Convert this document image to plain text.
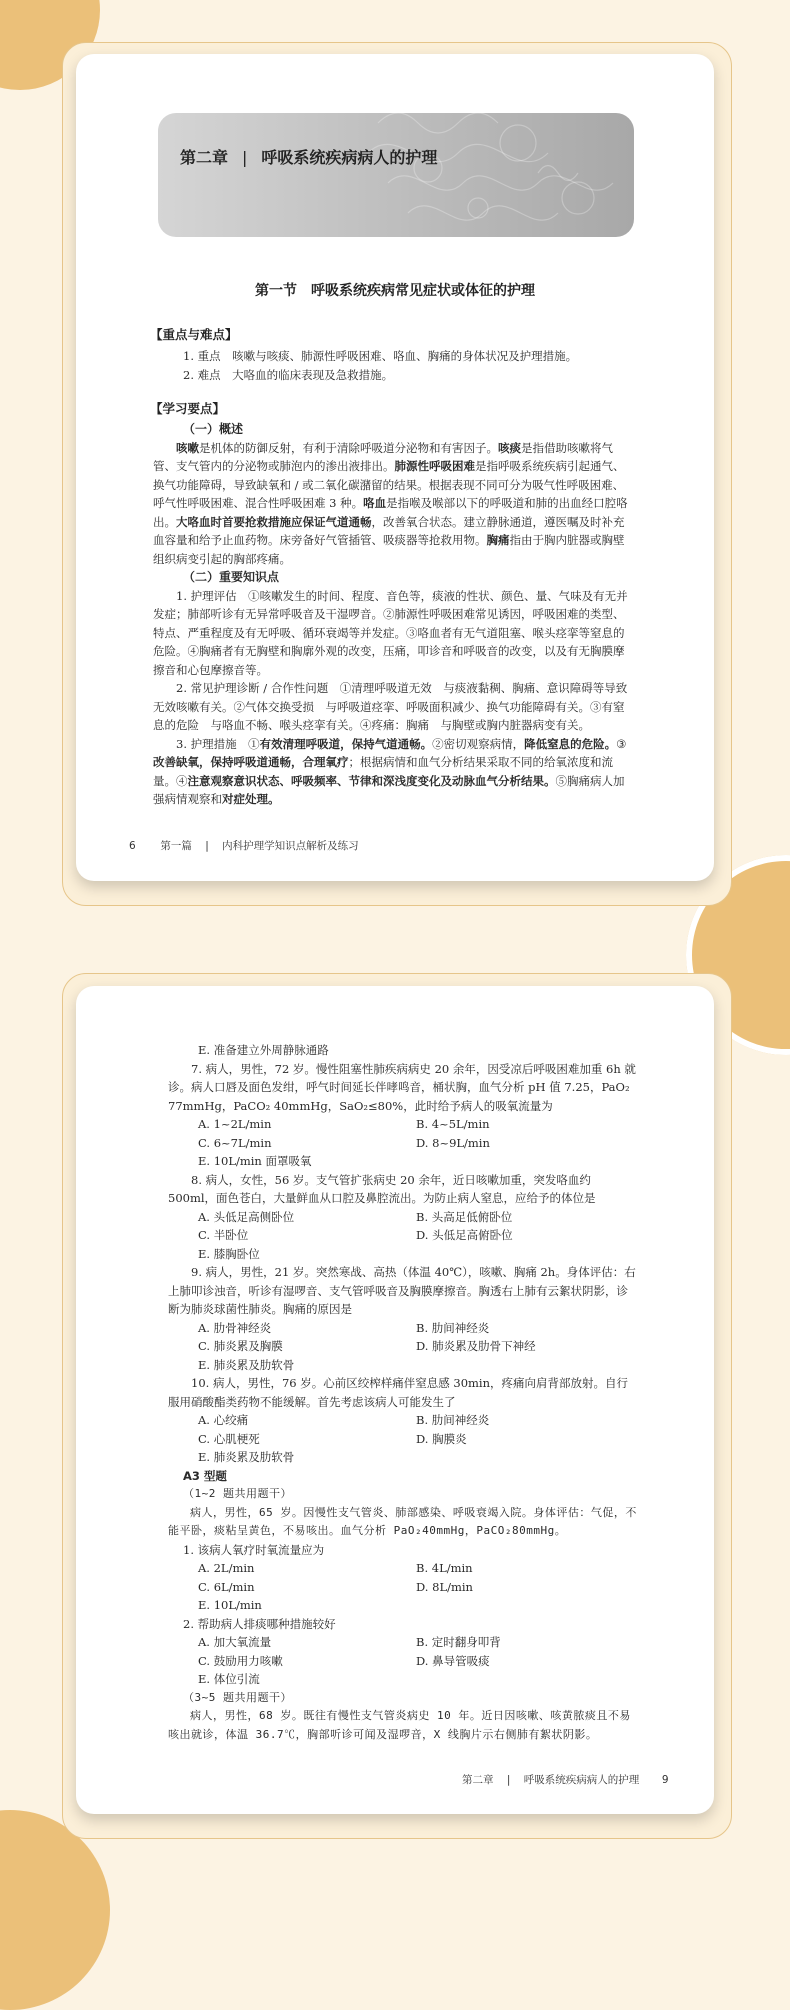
第二章 | 呼吸系统疾病病人的护理
第一节　呼吸系统疾病常见症状或体征的护理
【重点与难点】
1. 重点　咳嗽与咳痰、肺源性呼吸困难、咯血、胸痛的身体状况及护理措施。
2. 难点　大咯血的临床表现及急救措施。
【学习要点】
（一）概述

咳嗽是机体的防御反射，有利于清除呼吸道分泌物和有害因子。咳痰是指借助咳嗽将气管、支气管内的分泌物或肺泡内的渗出液排出。肺源性呼吸困难是指呼吸系统疾病引起通气、换气功能障碍，导致缺氧和 / 或二氧化碳潴留的结果。根据表现不同可分为吸气性呼吸困难、呼气性呼吸困难、混合性呼吸困难 3 种。咯血是指喉及喉部以下的呼吸道和肺的出血经口腔咯出。大咯血时首要抢救措施应保证气道通畅，改善氧合状态。建立静脉通道，遵医嘱及时补充血容量和给予止血药物。床旁备好气管插管、吸痰器等抢救用物。胸痛指由于胸内脏器或胸壁组织病变引起的胸部疼痛。

（二）重要知识点

1. 护理评估　①咳嗽发生的时间、程度、音色等，痰液的性状、颜色、量、气味及有无并发症；肺部听诊有无异常呼吸音及干湿啰音。②肺源性呼吸困难常见诱因，呼吸困难的类型、特点、严重程度及有无呼吸、循环衰竭等并发症。③咯血者有无气道阻塞、喉头痉挛等窒息的危险。④胸痛者有无胸壁和胸廓外观的改变，压痛，叩诊音和呼吸音的改变，以及有无胸膜摩擦音和心包摩擦音等。

2. 常见护理诊断 / 合作性问题　①清理呼吸道无效　与痰液黏稠、胸痛、意识障碍等导致无效咳嗽有关。②气体交换受损　与呼吸道痉挛、呼吸面积减少、换气功能障碍有关。③有窒息的危险　与咯血不畅、喉头痉挛有关。④疼痛：胸痛　与胸壁或胸内脏器病变有关。

3. 护理措施　①有效清理呼吸道，保持气道通畅。②密切观察病情，降低窒息的危险。③改善缺氧，保持呼吸道通畅，合理氧疗；根据病情和血气分析结果采取不同的给氧浓度和流量。④注意观察意识状态、呼吸频率、节律和深浅度变化及动脉血气分析结果。⑤胸痛病人加强病情观察和对症处理。

6 第一篇 | 内科护理学知识点解析及练习
E. 准备建立外周静脉通路
7. 病人，男性，72 岁。慢性阻塞性肺疾病病史 20 余年，因受凉后呼吸困难加重 6h 就诊。病人口唇及面色发绀，呼气时间延长伴哮鸣音，桶状胸，血气分析 pH 值 7.25，PaO₂ 77mmHg，PaCO₂ 40mmHg，SaO₂≤80%，此时给予病人的吸氧流量为
A. 1~2L/min	B. 4~5L/min
C. 6~7L/min	D. 8~9L/min
E. 10L/min 面罩吸氧
8. 病人，女性，56 岁。支气管扩张病史 20 余年，近日咳嗽加重，突发咯血约 500ml，面色苍白，大量鲜血从口腔及鼻腔流出。为防止病人窒息，应给予的体位是
A. 头低足高侧卧位	B. 头高足低俯卧位
C. 半卧位	D. 头低足高俯卧位
E. 膝胸卧位
9. 病人，男性，21 岁。突然寒战、高热（体温 40℃），咳嗽、胸痛 2h。身体评估：右上肺叩诊浊音，听诊有湿啰音、支气管呼吸音及胸膜摩擦音。胸透右上肺有云絮状阴影，诊断为肺炎球菌性肺炎。胸痛的原因是
A. 肋骨神经炎	B. 肋间神经炎
C. 肺炎累及胸膜	D. 肺炎累及肋骨下神经
E. 肺炎累及肋软骨
10. 病人，男性，76 岁。心前区绞榨样痛伴窒息感 30min，疼痛向肩背部放射。自行服用硝酸酯类药物不能缓解。首先考虑该病人可能发生了
A. 心绞痛	B. 肋间神经炎
C. 心肌梗死	D. 胸膜炎
E. 肺炎累及肋软骨
A3 型题
（1~2 题共用题干）
病人，男性，65 岁。因慢性支气管炎、肺部感染、呼吸衰竭入院。身体评估：气促，不能平卧，痰粘呈黄色，不易咳出。血气分析 PaO₂40mmHg，PaCO₂80mmHg。
1. 该病人氧疗时氧流量应为
A. 2L/min	B. 4L/min
C. 6L/min	D. 8L/min
E. 10L/min
2. 帮助病人排痰哪种措施较好
A. 加大氧流量	B. 定时翻身叩背
C. 鼓励用力咳嗽	D. 鼻导管吸痰
E. 体位引流
（3~5 题共用题干）
病人，男性，68 岁。既往有慢性支气管炎病史 10 年。近日因咳嗽、咳黄脓痰且不易咳出就诊，体温 36.7℃，胸部听诊可闻及湿啰音，X 线胸片示右侧肺有絮状阴影。
第二章 | 呼吸系统疾病病人的护理 9
